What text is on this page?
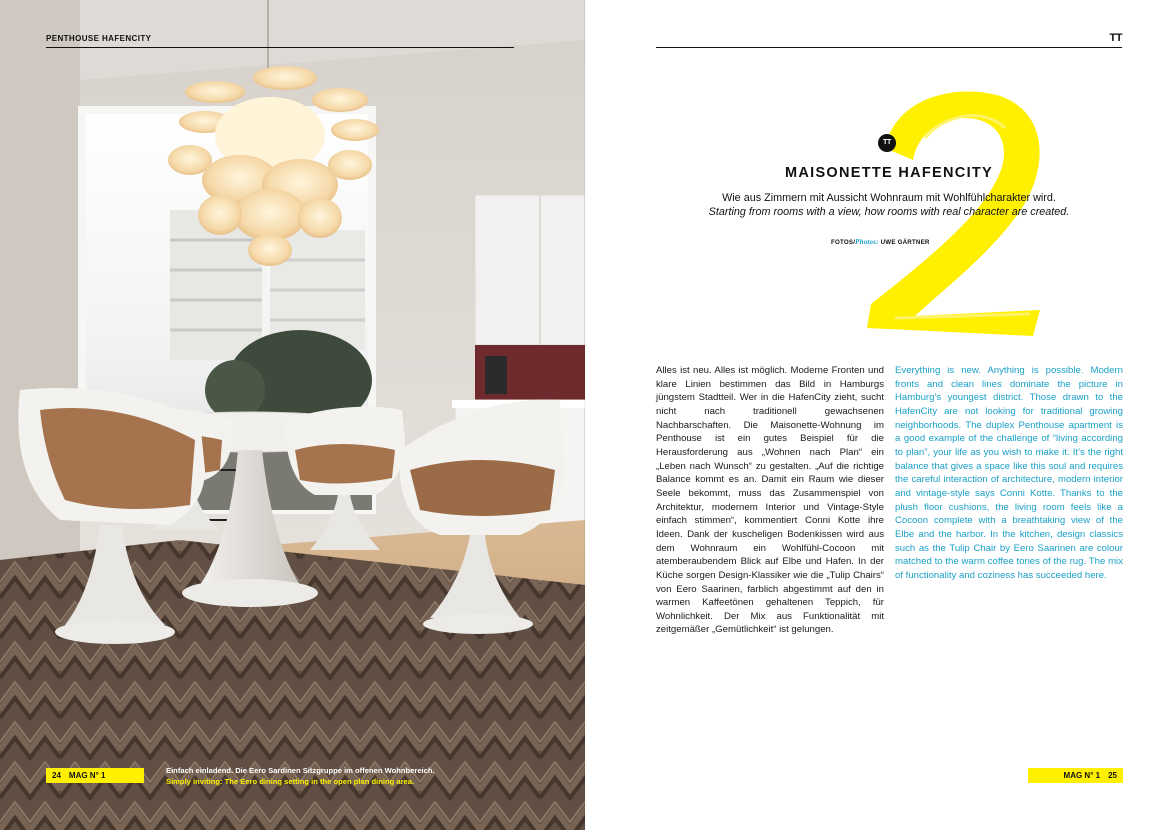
PENTHOUSE HAFENCITY
24 MAG N° 1
Einfach einladend. Die Eero Sardinen Sitzgruppe im offenen Wohnbereich.
Simply inviting: The Eero dining setting in the open plan dining area.
TT
TT
MAISONETTE HAFENCITY
Wie aus Zimmern mit Aussicht Wohnraum mit Wohlfühlcharakter wird.
Starting from rooms with a view, how rooms with real character are created.
FOTOS/Photos: UWE GÄRTNER
Alles ist neu. Alles ist möglich. Moderne Fronten und klare Linien bestimmen das Bild in Hamburgs jüngstem Stadtteil. Wer in die HafenCity zieht, sucht nicht nach traditionell gewachsenen Nachbarschaften. Die Maisonette-Wohnung im Penthouse ist ein gutes Beispiel für die Herausforderung aus „Wohnen nach Plan“ ein „Leben nach Wunsch“ zu gestalten. „Auf die richtige Balance kommt es an. Damit ein Raum wie dieser Seele bekommt, muss das Zusammenspiel von Architektur, modernem Interior und Vintage-Style einfach stimmen“, kommentiert Conni Kotte ihre Ideen. Dank der kuscheligen Bodenkissen wird aus dem Wohnraum ein Wohlfühl-Cocoon mit atemberaubendem Blick auf Elbe und Hafen. In der Küche sorgen Design-Klassiker wie die „Tulip Chairs“ von Eero Saarinen, farblich abgestimmt auf den in warmen Kaffeetönen gehaltenen Teppich, für Wohnlichkeit. Der Mix aus Funktionalität mit zeitgemäßer „Gemütlichkeit“ ist gelungen.
Everything is new. Anything is possible. Modern fronts and clean lines dominate the picture in Hamburg’s youngest district. Those drawn to the HafenCity are not looking for traditional growing neighborhoods. The duplex Penthouse apartment is a good example of the challenge of “living according to plan”, your life as you wish to make it. It’s the right balance that gives a space like this soul and requires the careful interaction of architecture, modern interior and vintage-style says Conni Kotte. Thanks to the plush floor cushions, the living room feels like a Cocoon complete with a breathtaking view of the Elbe and the harbor. In the kitchen, design classics such as the Tulip Chair by Eero Saarinen are colour matched to the warm coffee tones of the rug. The mix of functionality and coziness has succeeded here.
MAG N° 1 25
